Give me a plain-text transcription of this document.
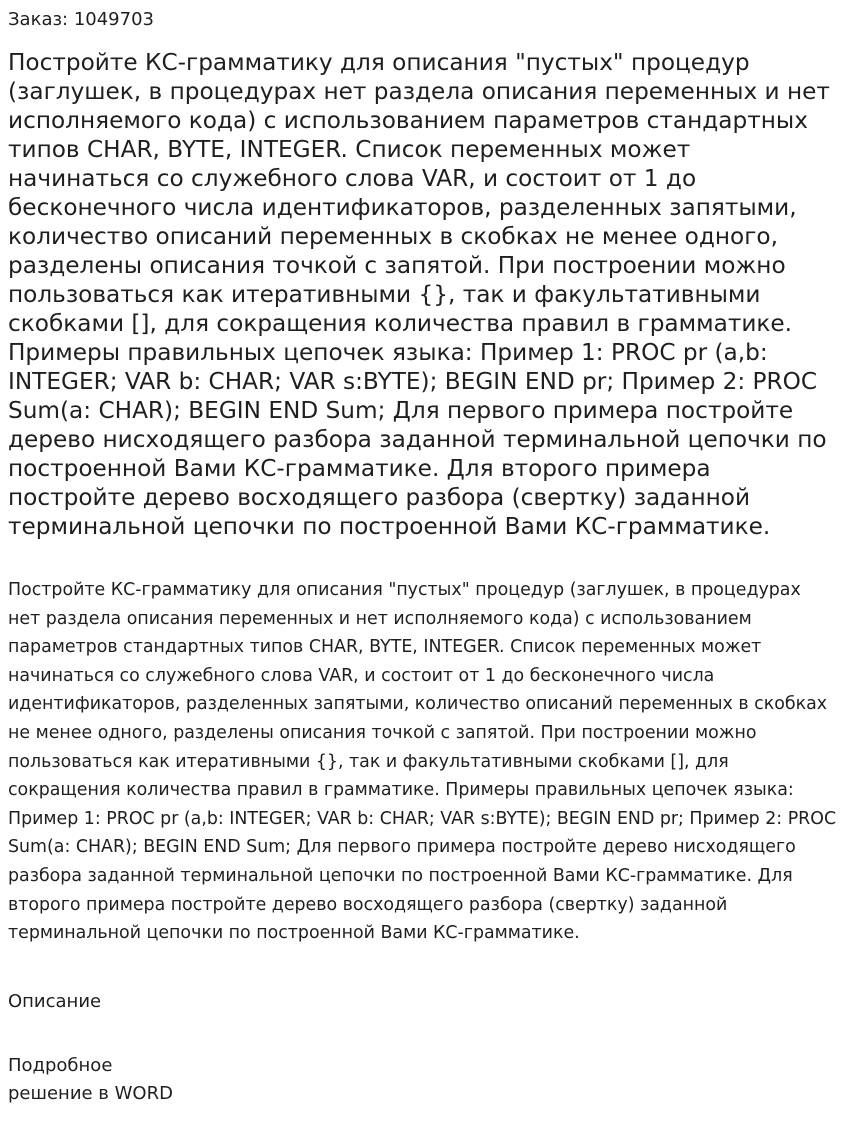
Заказ: 1049703
Постройте КС-грамматику для описания "пустых" процедур (заглушек, в процедурах нет раздела описания переменных и нет исполняемого кода) с использованием параметров стандартных типов CHAR, BYTE, INTEGER. Список переменных может начинаться со служебного слова VAR, и состоит от 1 до бесконечного числа идентификаторов, разделенных запятыми, количество описаний переменных в скобках не менее одного, разделены описания точкой с запятой. При построении можно пользоваться как итеративными {}, так и факультативными скобками [], для сокращения количества правил в грамматике. Примеры правильных цепочек языка: Пример 1: PROC pr (a,b: INTEGER; VAR b: CHAR; VAR s:BYTE); BEGIN END pr; Пример 2: PROC Sum(a: CHAR); BEGIN END Sum; Для первого примера постройте дерево нисходящего разбора заданной терминальной цепочки по построенной Вами КС-грамматике. Для второго примера постройте дерево восходящего разбора (свертку) заданной терминальной цепочки по построенной Вами КС-грамматике.

Постройте КС-грамматику для описания "пустых" процедур (заглушек, в процедурах нет раздела описания переменных и нет исполняемого кода) с использованием параметров стандартных типов CHAR, BYTE, INTEGER. Список переменных может начинаться со служебного слова VAR, и состоит от 1 до бесконечного числа идентификаторов, разделенных запятыми, количество описаний переменных в скобках не менее одного, разделены описания точкой с запятой. При построении можно пользоваться как итеративными {}, так и факультативными скобками [], для сокращения количества правил в грамматике. Примеры правильных цепочек языка: Пример 1: PROC pr (a,b: INTEGER; VAR b: CHAR; VAR s:BYTE); BEGIN END pr; Пример 2: PROC Sum(a: CHAR); BEGIN END Sum; Для первого примера постройте дерево нисходящего разбора заданной терминальной цепочки по построенной Вами КС-грамматике. Для второго примера постройте дерево восходящего разбора (свертку) заданной терминальной цепочки по построенной Вами КС-грамматике.

Описание
Подробное
решение в WORD
